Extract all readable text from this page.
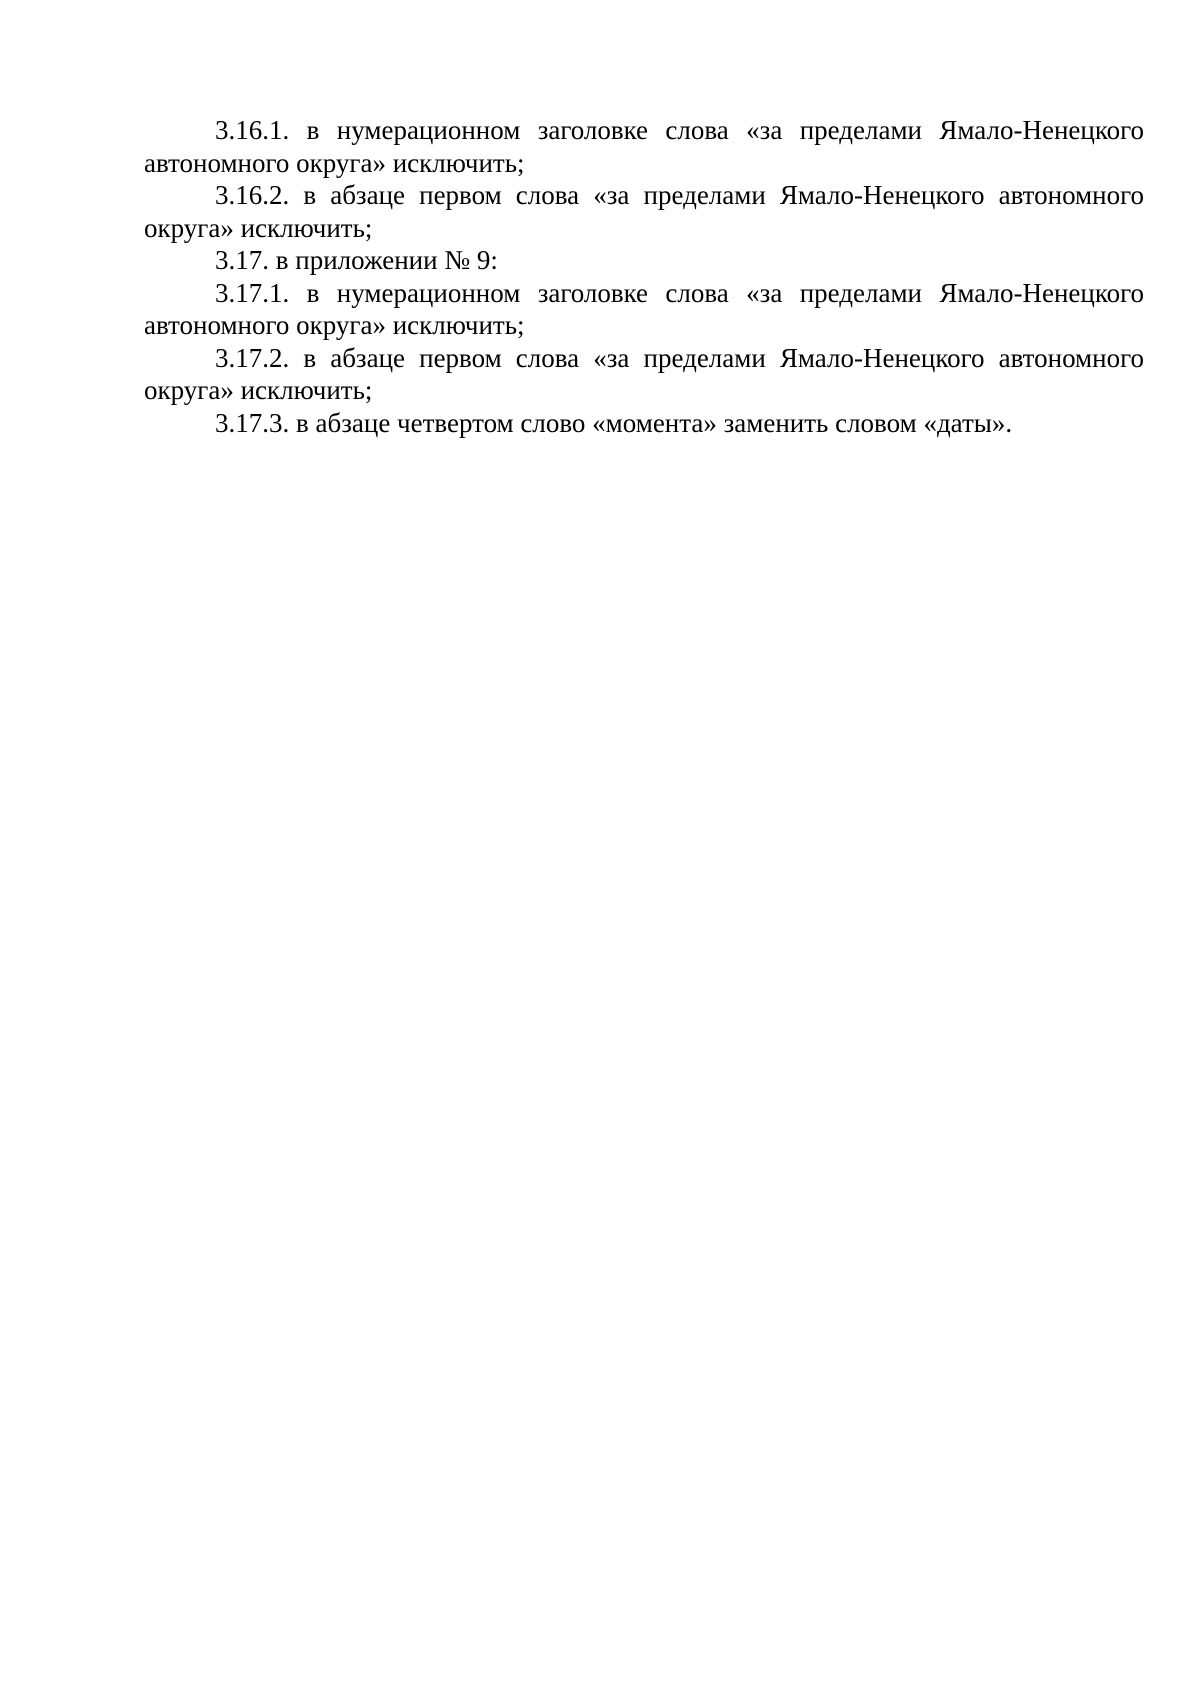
3.16.1. в нумерационном заголовке слова «за пределами Ямало-Ненецкого автономного округа» исключить;

3.16.2. в абзаце первом слова «за пределами Ямало-Ненецкого автономного округа» исключить;

3.17. в приложении № 9:

3.17.1. в нумерационном заголовке слова «за пределами Ямало-Ненецкого автономного округа» исключить;

3.17.2. в абзаце первом слова «за пределами Ямало-Ненецкого автономного округа» исключить;

3.17.3. в абзаце четвертом слово «момента» заменить словом «даты».
